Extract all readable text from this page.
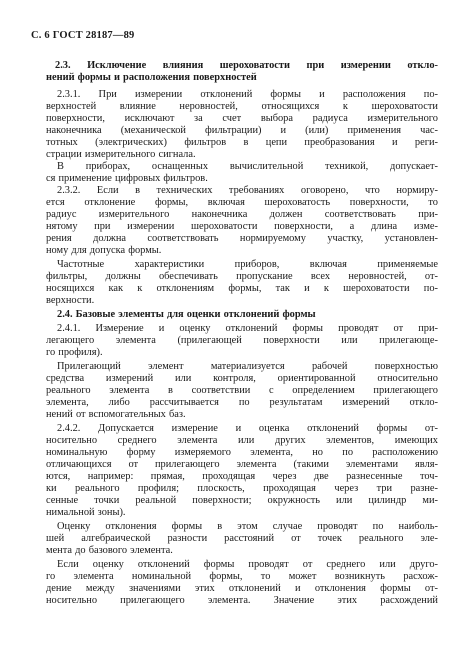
С. 6 ГОСТ 28187—89
2.3. Исключение влияния шероховатости при измерении откло-
нений формы и расположения поверхностей
2.3.1. При измерении отклонений формы и расположения по-
верхностей влияние неровностей, относящихся к шероховатости
поверхности, исключают за счет выбора радиуса измерительного
наконечника (механической фильтрации) и (или) применения час-
тотных (электрических) фильтров в цепи преобразования и реги-
страции измерительного сигнала.
В приборах, оснащенных вычислительной техникой, допускает-
ся применение цифровых фильтров.
2.3.2. Если в технических требованиях оговорено, что нормиру-
ется отклонение формы, включая шероховатость поверхности, то
радиус измерительного наконечника должен соответствовать при-
нятому при измерении шероховатости поверхности, а длина изме-
рения должна соответствовать нормируемому участку, установлен-
ному для допуска формы.
Частотные характеристики приборов, включая применяемые
фильтры, должны обеспечивать пропускание всех неровностей, от-
носящихся как к отклонениям формы, так и к шероховатости по-
верхности.
2.4. Базовые элементы для оценки отклонений формы
2.4.1. Измерение и оценку отклонений формы проводят от при-
легающего элемента (прилегающей поверхности или прилегающе-
го профиля).
Прилегающий элемент материализуется рабочей поверхностью
средства измерений или контроля, ориентированной относительно
реального элемента в соответствии с определением прилегающего
элемента, либо рассчитывается по результатам измерений откло-
нений от вспомогательных баз.
2.4.2. Допускается измерение и оценка отклонений формы от-
носительно среднего элемента или других элементов, имеющих
номинальную форму измеряемого элемента, но по расположению
отличающихся от прилегающего элемента (такими элементами явля-
ются, например: прямая, проходящая через две разнесенные точ-
ки реального профиля; плоскость, проходящая через три разне-
сенные точки реальной поверхности; окружность или цилиндр ми-
нимальной зоны).
Оценку отклонения формы в этом случае проводят по наиболь-
шей алгебраической разности расстояний от точек реального эле-
мента до базового элемента.
Если оценку отклонений формы проводят от среднего или друго-
го элемента номинальной формы, то может возникнуть расхож-
дение между значениями этих отклонений и отклонения формы от-
носительно прилегающего элемента. Значение этих расхождений
